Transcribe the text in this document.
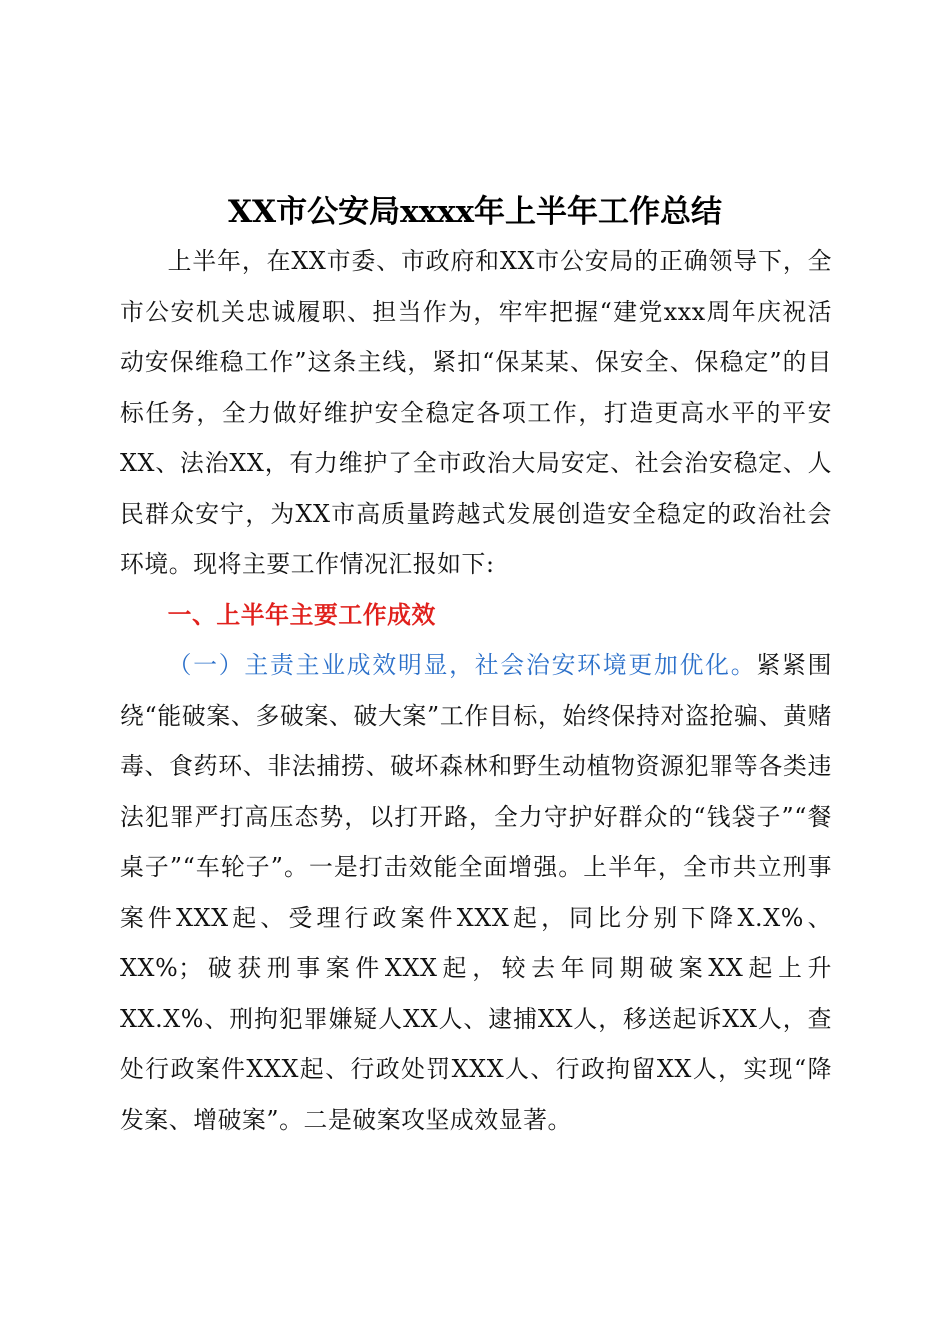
XX市公安局xxxx年上半年工作总结

上半年，在XX市委、市政府和XX市公安局的正确领导下，全市公安机关忠诚履职、担当作为，牢牢把握“建党xxx周年庆祝活动安保维稳工作”这条主线，紧扣“保某某、保安全、保稳定”的目标任务，全力做好维护安全稳定各项工作，打造更高水平的平安XX、法治XX，有力维护了全市政治大局安定、社会治安稳定、人民群众安宁，为XX市高质量跨越式发展创造安全稳定的政治社会环境。现将主要工作情况汇报如下:

一、上半年主要工作成效

（一）主责主业成效明显，社会治安环境更加优化。紧紧围绕“能破案、多破案、破大案”工作目标，始终保持对盗抢骗、黄赌毒、食药环、非法捕捞、破坏森林和野生动植物资源犯罪等各类违法犯罪严打高压态势，以打开路，全力守护好群众的“钱袋子”“餐桌子”“车轮子”。一是打击效能全面增强。上半年，全市共立刑事案件XXX起、受理行政案件XXX起，同比分别下降X.X%、XX%；破获刑事案件XXX起，较去年同期破案XX起上升XX.X%、刑拘犯罪嫌疑人XX人、逮捕XX人，移送起诉XX人，查处行政案件XXX起、行政处罚XXX人、行政拘留XX人，实现“降发案、增破案”。二是破案攻坚成效显著。
